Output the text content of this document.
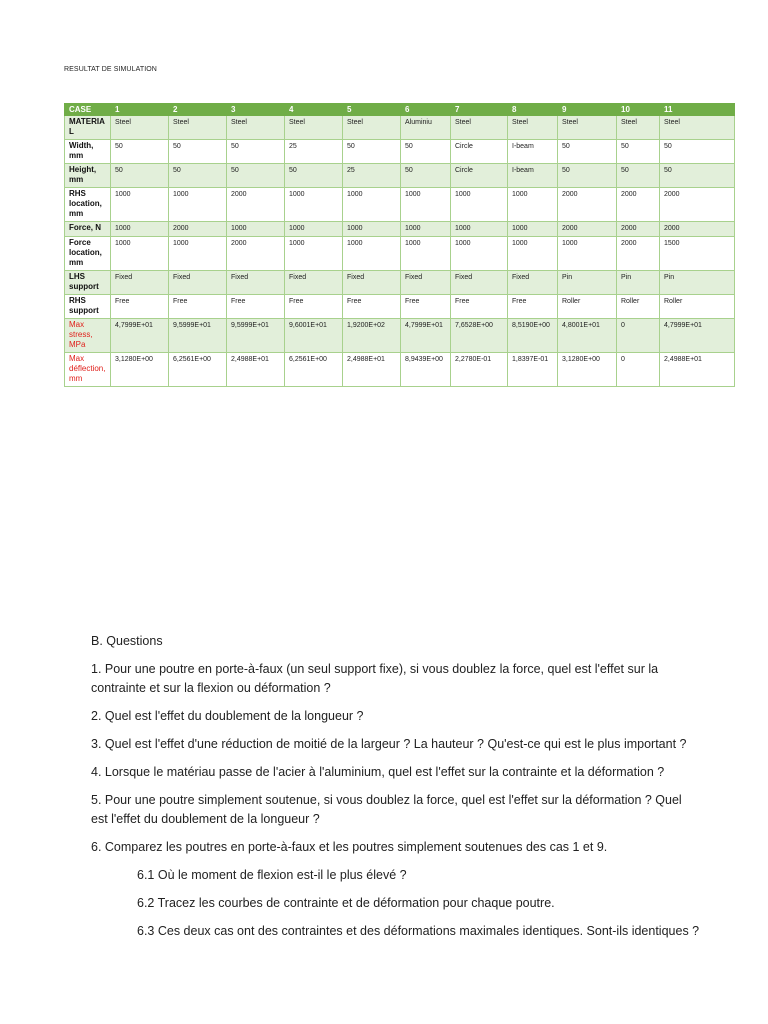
RESULTAT DE SIMULATION
CASE	1	2	3	4	5	6	7	8	9	10	11
MATERIAL	Steel	Steel	Steel	Steel	Steel	Aluminiu	Steel	Steel	Steel	Steel	Steel
Width, mm	50	50	50	25	50	50	Circle	I-beam	50	50	50
Height, mm	50	50	50	50	25	50	Circle	I-beam	50	50	50
RHS location, mm	1000	1000	2000	1000	1000	1000	1000	1000	2000	2000	2000
Force, N	1000	2000	1000	1000	1000	1000	1000	1000	2000	2000	2000
Force location, mm	1000	1000	2000	1000	1000	1000	1000	1000	1000	2000	1500
LHS support	Fixed	Fixed	Fixed	Fixed	Fixed	Fixed	Fixed	Fixed	Pin	Pin	Pin
RHS support	Free	Free	Free	Free	Free	Free	Free	Free	Roller	Roller	Roller
Max stress, MPa	4,7999E+01	9,5999E+01	9,5999E+01	9,6001E+01	1,9200E+02	4,7999E+01	7,6528E+00	8,5190E+00	4,8001E+01	0	4,7999E+01
Max déflection, mm	3,1280E+00	6,2561E+00	2,4988E+01	6,2561E+00	2,4988E+01	8,9439E+00	2,2780E-01	1,8397E-01	3,1280E+00	0	2,4988E+01

B. Questions

1. Pour une poutre en porte-à-faux (un seul support fixe), si vous doublez la force, quel est l'effet sur la contrainte et sur la flexion ou déformation ?

2. Quel est l'effet du doublement de la longueur ?

3. Quel est l'effet d'une réduction de moitié de la largeur ? La hauteur ? Qu'est-ce qui est le plus important ?

4. Lorsque le matériau passe de l'acier à l'aluminium, quel est l'effet sur la contrainte et la déformation ?

5. Pour une poutre simplement soutenue, si vous doublez la force, quel est l'effet sur la déformation ? Quel est l'effet du doublement de la longueur ?

6. Comparez les poutres en porte-à-faux et les poutres simplement soutenues des cas 1 et 9.

6.1 Où le moment de flexion est-il le plus élevé ?

6.2 Tracez les courbes de contrainte et de déformation pour chaque poutre.

6.3 Ces deux cas ont des contraintes et des déformations maximales identiques. Sont-ils identiques ?
